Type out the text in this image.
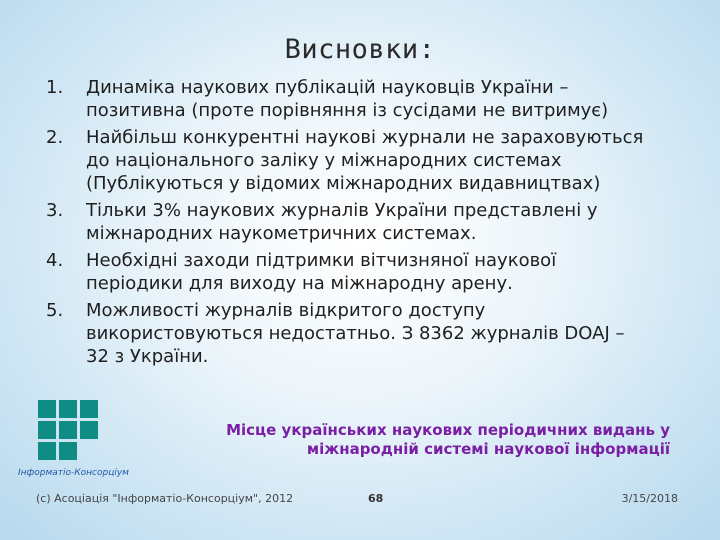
Висновки:
1.	Динаміка наукових публікацій науковців України –
позитивна (проте порівняння із сусідами не витримує)
2.	Найбільш конкурентні наукові журнали не зараховуються
до національного заліку у міжнародних системах
(Публікуються у відомих міжнародних видавництвах)
3.	Тільки 3% наукових журналів України представлені у
міжнародних наукометричних системах.
4.	Необхідні заходи підтримки вітчизняної наукової
періодики для виходу на міжнародну арену.
5.	Можливості журналів відкритого доступу
використовуються недостатньо. З 8362 журналів DOAJ –
32 з України.
Інформатіо-Консорціум
Місце українських наукових періодичних видань у
міжнародній системі наукової інформації
(c) Асоціація "Інформатіо-Консорціум", 2012	68	3/15/2018
